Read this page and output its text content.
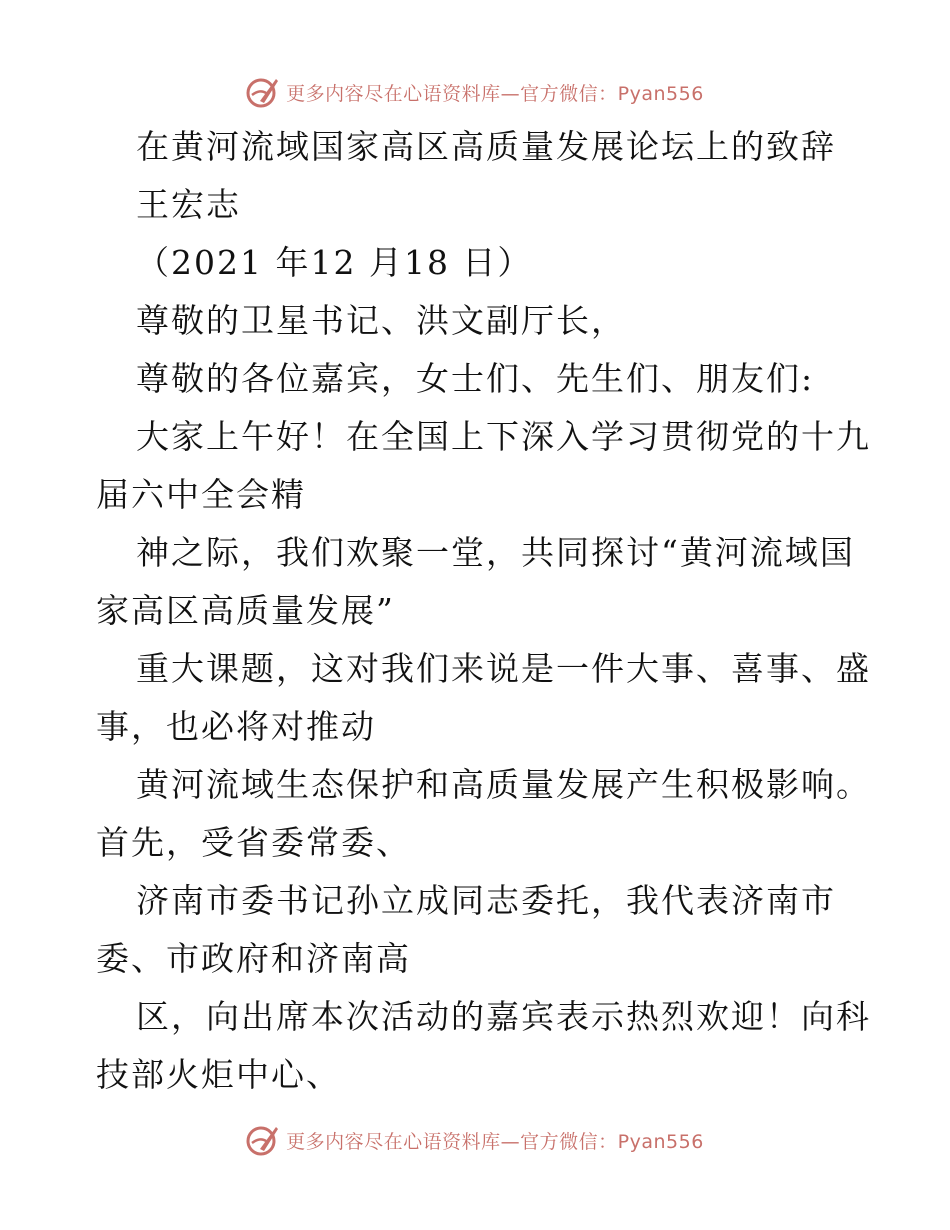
更多内容尽在心语资料库—官方微信：Pyan556
在黄河流域国家高区高质量发展论坛上的致辞
王宏志
（2021 年12 月18 日）
尊敬的卫星书记、洪文副厅长，
尊敬的各位嘉宾，女士们、先生们、朋友们:
大家上午好！在全国上下深入学习贯彻党的十九
届六中全会精
神之际，我们欢聚一堂，共同探讨“黄河流域国
家高区高质量发展”
重大课题，这对我们来说是一件大事、喜事、盛
事，也必将对推动
黄河流域生态保护和高质量发展产生积极影响。
首先，受省委常委、
济南市委书记孙立成同志委托，我代表济南市
委、市政府和济南高
区，向出席本次活动的嘉宾表示热烈欢迎！向科
技部火炬中心、
更多内容尽在心语资料库—官方微信：Pyan556
